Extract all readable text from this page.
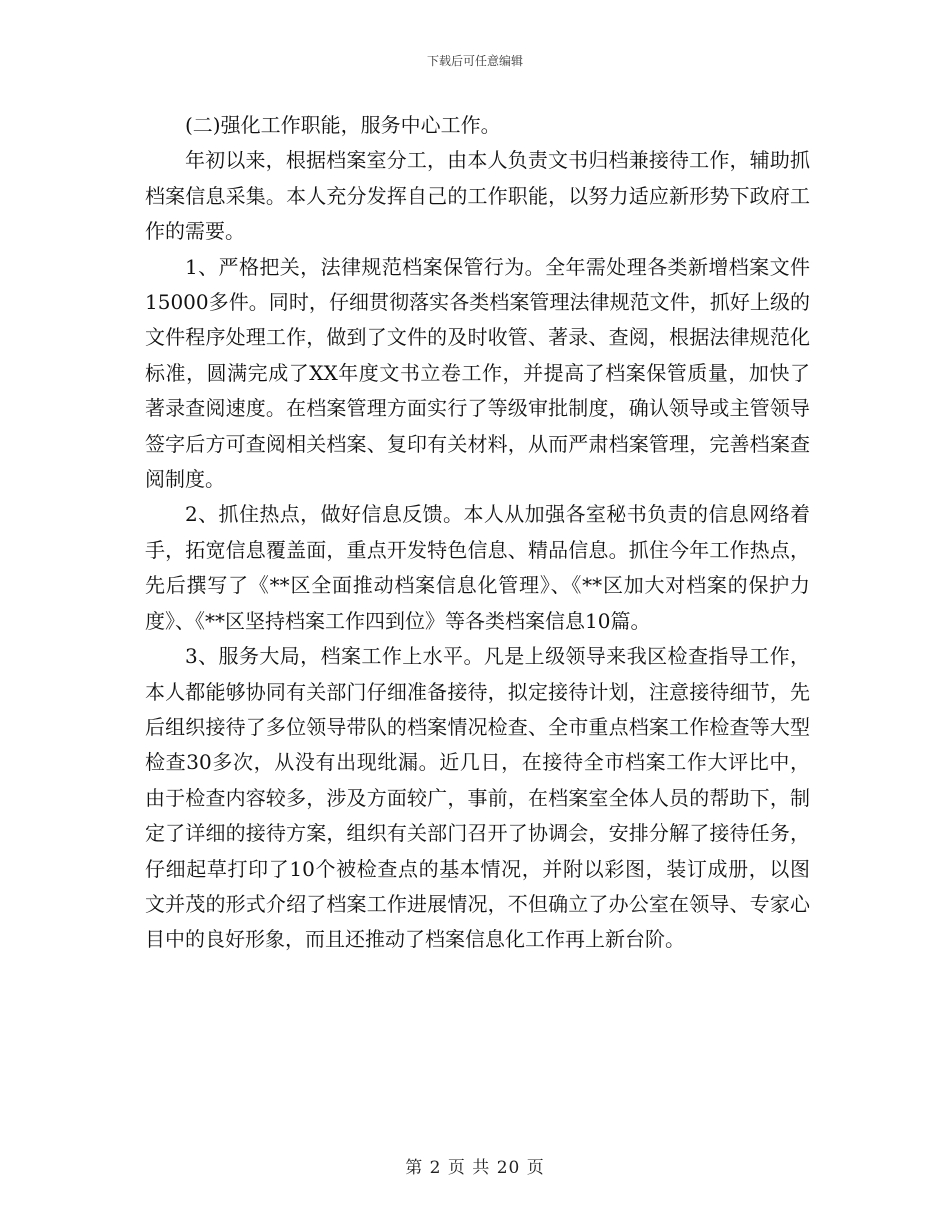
下载后可任意编辑

(二)强化工作职能，服务中心工作。

年初以来，根据档案室分工，由本人负责文书归档兼接待工作，辅助抓档案信息采集。本人充分发挥自己的工作职能，以努力适应新形势下政府工作的需要。

1、严格把关，法律规范档案保管行为。全年需处理各类新增档案文件15000多件。同时，仔细贯彻落实各类档案管理法律规范文件，抓好上级的文件程序处理工作，做到了文件的及时收管、著录、查阅，根据法律规范化标准，圆满完成了XX年度文书立卷工作，并提高了档案保管质量，加快了著录查阅速度。在档案管理方面实行了等级审批制度，确认领导或主管领导签字后方可查阅相关档案、复印有关材料，从而严肃档案管理，完善档案查阅制度。

2、抓住热点，做好信息反馈。本人从加强各室秘书负责的信息网络着手，拓宽信息覆盖面，重点开发特色信息、精品信息。抓住今年工作热点，先后撰写了《**区全面推动档案信息化管理》、《**区加大对档案的保护力度》、《**区坚持档案工作四到位》等各类档案信息10篇。

3、服务大局，档案工作上水平。凡是上级领导来我区检查指导工作，本人都能够协同有关部门仔细准备接待，拟定接待计划，注意接待细节，先后组织接待了多位领导带队的档案情况检查、全市重点档案工作检查等大型检查30多次，从没有出现纰漏。近几日，在接待全市档案工作大评比中，由于检查内容较多，涉及方面较广，事前，在档案室全体人员的帮助下，制定了详细的接待方案，组织有关部门召开了协调会，安排分解了接待任务，仔细起草打印了10个被检查点的基本情况，并附以彩图，装订成册，以图文并茂的形式介绍了档案工作进展情况，不但确立了办公室在领导、专家心目中的良好形象，而且还推动了档案信息化工作再上新台阶。

第 2 页 共 20 页
